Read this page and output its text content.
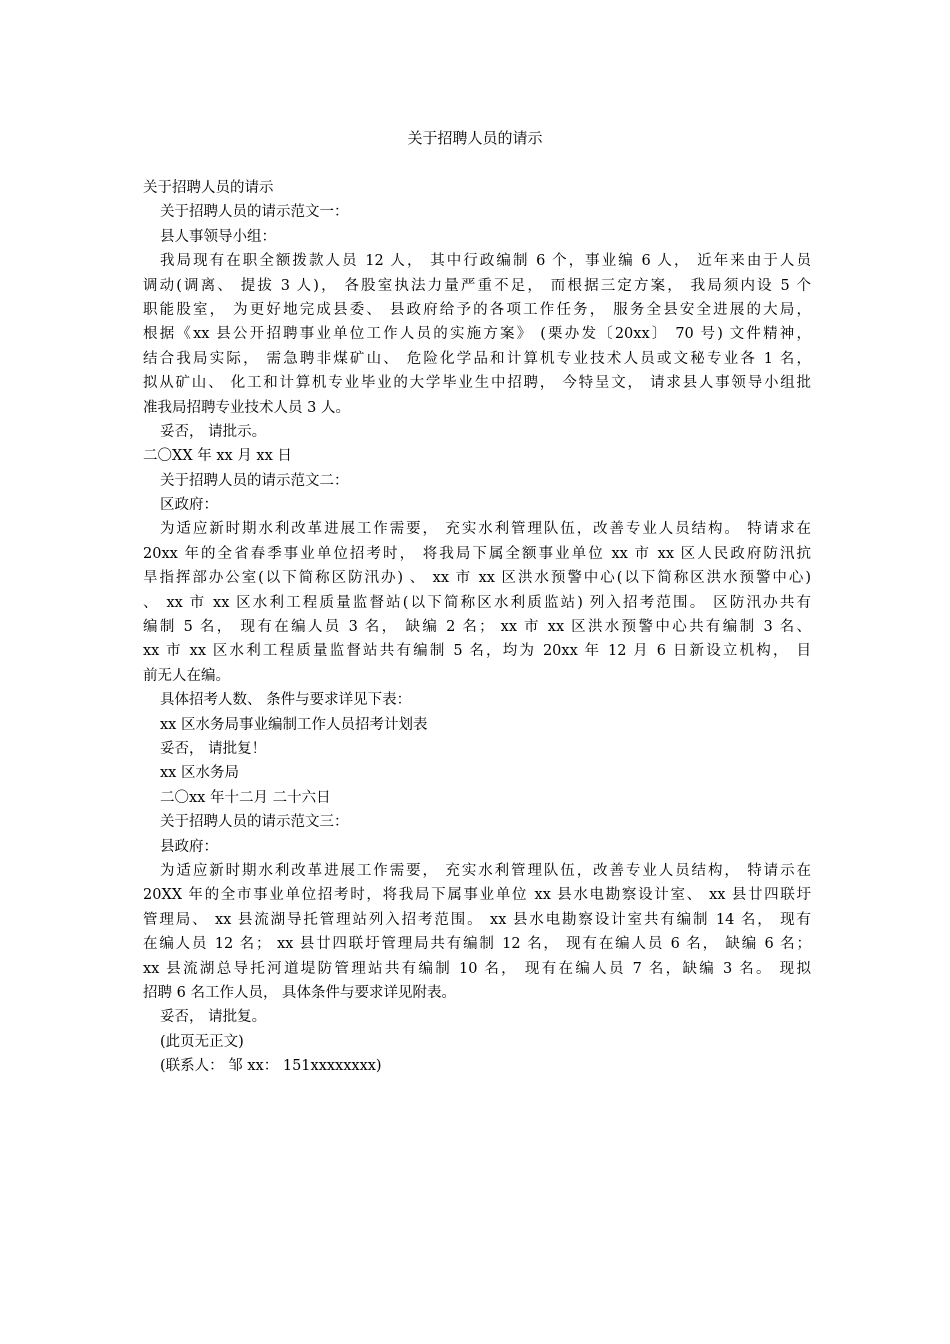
关于招聘人员的请示
关于招聘人员的请示
关于招聘人员的请示范文一：
县人事领导小组：
我局现有在职全额拨款人员 12 人， 其中行政编制 6 个，事业编 6 人， 近年来由于人员
调动(调离、 提拔 3 人)， 各股室执法力量严重不足， 而根据三定方案， 我局须内设 5 个
职能股室， 为更好地完成县委、 县政府给予的各项工作任务， 服务全县安全进展的大局，
根据《xx 县公开招聘事业单位工作人员的实施方案》 (栗办发〔20xx〕 70 号) 文件精神，
结合我局实际， 需急聘非煤矿山、 危险化学品和计算机专业技术人员或文秘专业各 1 名，
拟从矿山、 化工和计算机专业毕业的大学毕业生中招聘， 今特呈文， 请求县人事领导小组批
准我局招聘专业技术人员 3 人。
妥否， 请批示。
二〇XX 年 xx 月 xx 日
关于招聘人员的请示范文二：
区政府：
为适应新时期水利改革进展工作需要， 充实水利管理队伍，改善专业人员结构。 特请求在
20xx 年的全省春季事业单位招考时， 将我局下属全额事业单位 xx 市 xx 区人民政府防汛抗
旱指挥部办公室(以下简称区防汛办) 、 xx 市 xx 区洪水预警中心(以下简称区洪水预警中心)
、 xx 市 xx 区水利工程质量监督站(以下简称区水利质监站) 列入招考范围。 区防汛办共有
编制 5 名， 现有在编人员 3 名， 缺编 2 名； xx 市 xx 区洪水预警中心共有编制 3 名、
xx 市 xx 区水利工程质量监督站共有编制 5 名，均为 20xx 年 12 月 6 日新设立机构， 目
前无人在编。
具体招考人数、 条件与要求详见下表：
xx 区水务局事业编制工作人员招考计划表
妥否， 请批复！
xx 区水务局
二〇xx 年十二月 二十六日
关于招聘人员的请示范文三：
县政府：
为适应新时期水利改革进展工作需要， 充实水利管理队伍，改善专业人员结构， 特请示在
20XX 年的全市事业单位招考时，将我局下属事业单位 xx 县水电勘察设计室、 xx 县廿四联圩
管理局、 xx 县流湖导托管理站列入招考范围。 xx 县水电勘察设计室共有编制 14 名， 现有
在编人员 12 名； xx 县廿四联圩管理局共有编制 12 名， 现有在编人员 6 名， 缺编 6 名；
xx 县流湖总导托河道堤防管理站共有编制 10 名， 现有在编人员 7 名，缺编 3 名。 现拟
招聘 6 名工作人员， 具体条件与要求详见附表。
妥否， 请批复。
(此页无正文)
(联系人： 邹 xx： 151xxxxxxxx)
